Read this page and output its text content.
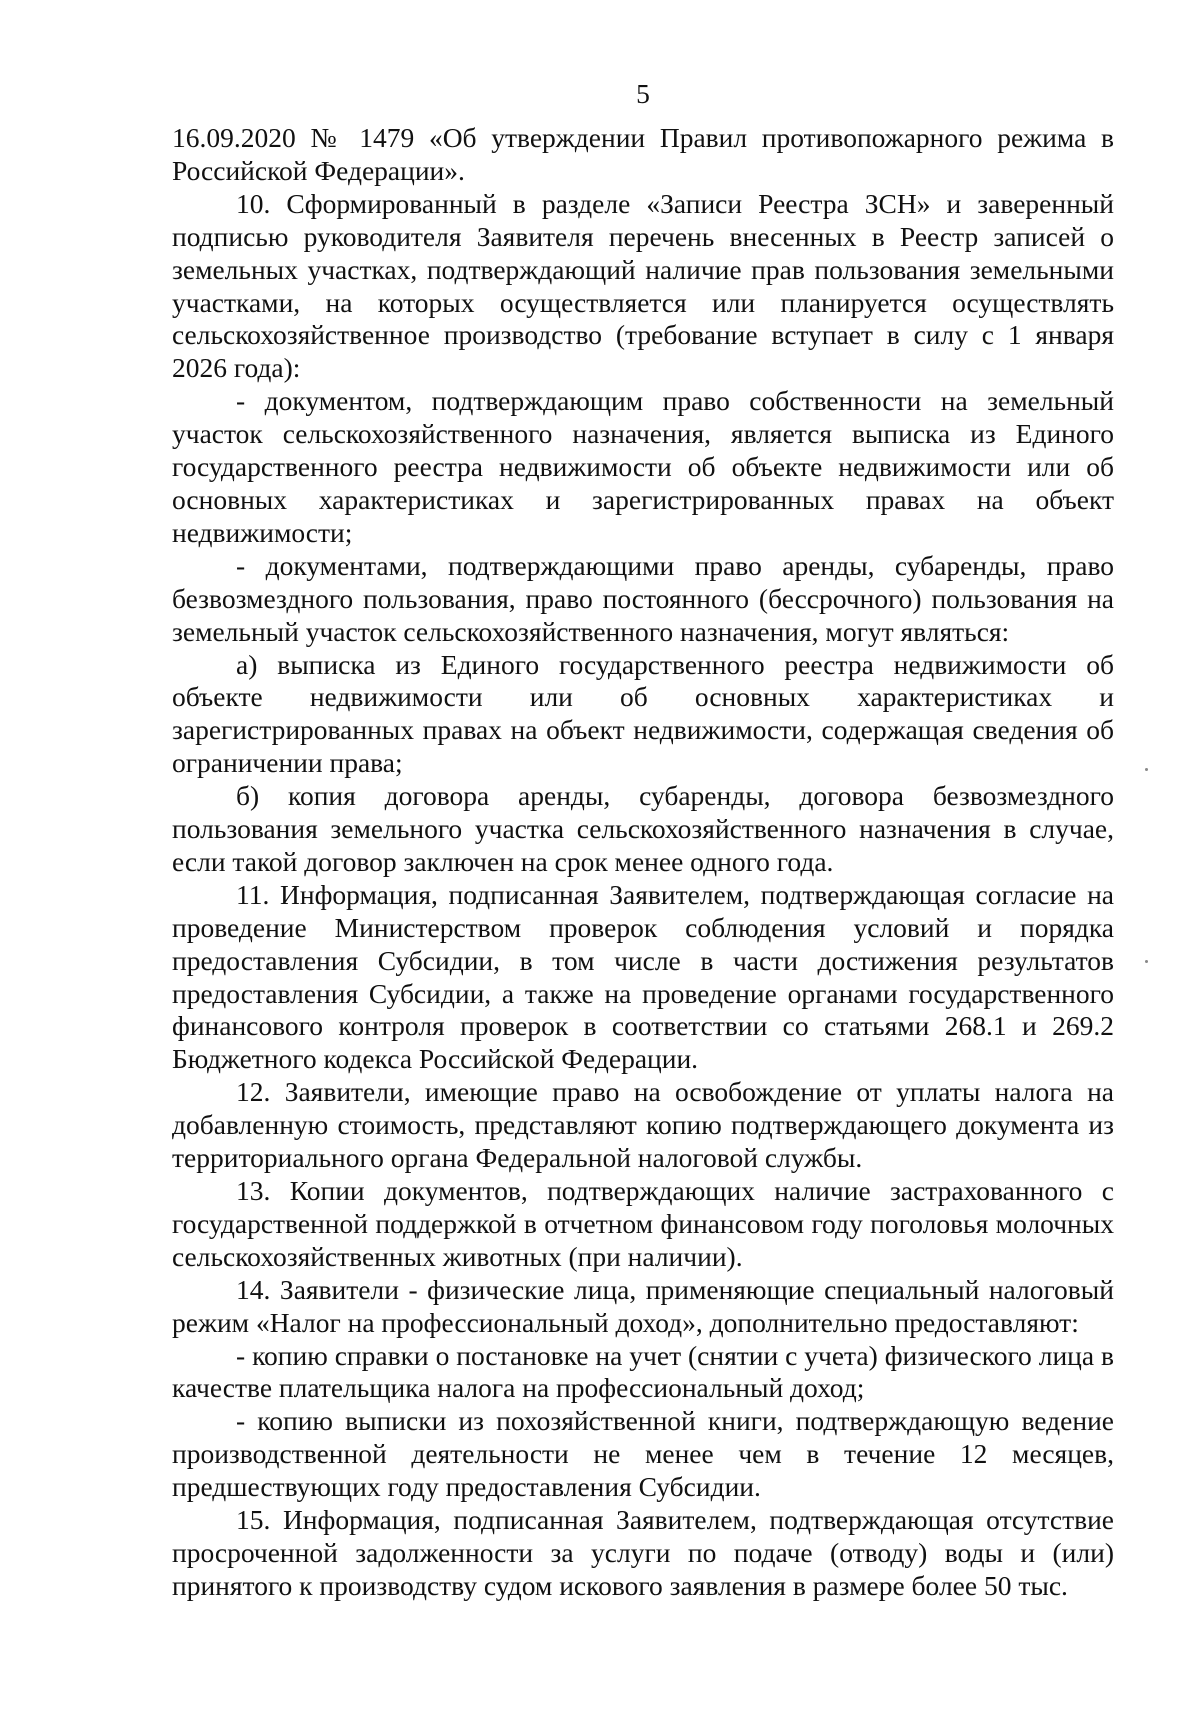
5

16.09.2020 № 1479 «Об утверждении Правил противопожарного режима в Российской Федерации».

10. Сформированный в разделе «Записи Реестра ЗСН» и заверенный подписью руководителя Заявителя перечень внесенных в Реестр записей о земельных участках, подтверждающий наличие прав пользования земельными участками, на которых осуществляется или планируется осуществлять сельскохозяйственное производство (требование вступает в силу с 1 января 2026 года):

- документом, подтверждающим право собственности на земельный участок сельскохозяйственного назначения, является выписка из Единого государственного реестра недвижимости об объекте недвижимости или об основных характеристиках и зарегистрированных правах на объект недвижимости;

- документами, подтверждающими право аренды, субаренды, право безвозмездного пользования, право постоянного (бессрочного) пользования на земельный участок сельскохозяйственного назначения, могут являться:

а) выписка из Единого государственного реестра недвижимости об объекте недвижимости или об основных характеристиках и зарегистрированных правах на объект недвижимости, содержащая сведения об ограничении права;

б) копия договора аренды, субаренды, договора безвозмездного пользования земельного участка сельскохозяйственного назначения в случае, если такой договор заключен на срок менее одного года.

11. Информация, подписанная Заявителем, подтверждающая согласие на проведение Министерством проверок соблюдения условий и порядка предоставления Субсидии, в том числе в части достижения результатов предоставления Субсидии, а также на проведение органами государственного финансового контроля проверок в соответствии со статьями 268.1 и 269.2 Бюджетного кодекса Российской Федерации.

12. Заявители, имеющие право на освобождение от уплаты налога на добавленную стоимость, представляют копию подтверждающего документа из территориального органа Федеральной налоговой службы.

13. Копии документов, подтверждающих наличие застрахованного с государственной поддержкой в отчетном финансовом году поголовья молочных сельскохозяйственных животных (при наличии).

14. Заявители - физические лица, применяющие специальный налоговый режим «Налог на профессиональный доход», дополнительно предоставляют:

- копию справки о постановке на учет (снятии с учета) физического лица в качестве плательщика налога на профессиональный доход;

- копию выписки из похозяйственной книги, подтверждающую ведение производственной деятельности не менее чем в течение 12 месяцев, предшествующих году предоставления Субсидии.

15. Информация, подписанная Заявителем, подтверждающая отсутствие просроченной задолженности за услуги по подаче (отводу) воды и (или) принятого к производству судом искового заявления в размере более 50 тыс.
